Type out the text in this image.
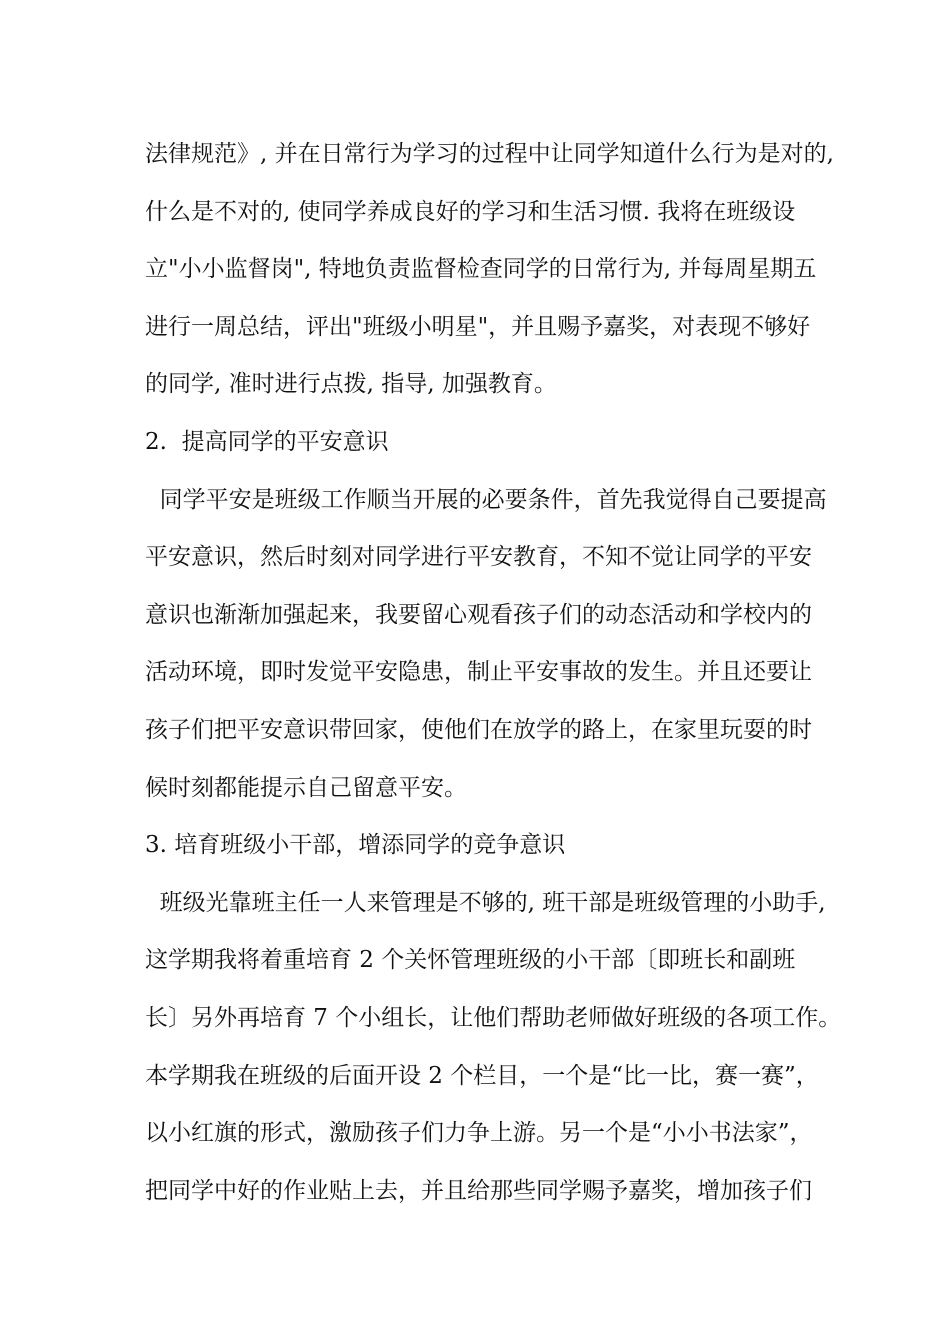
法律规范》, 并在日常行为学习的过程中让同学知道什么行为是对的,
什么是不对的, 使同学养成良好的学习和生活习惯. 我将在班级设
立"小小监督岗", 特地负责监督检查同学的日常行为, 并每周星期五
进行一周总结，评出"班级小明星"，并且赐予嘉奖，对表现不够好
的同学, 准时进行点拨, 指导, 加强教育。
2.  提高同学的平安意识
同学平安是班级工作顺当开展的必要条件，首先我觉得自己要提高
平安意识，然后时刻对同学进行平安教育，不知不觉让同学的平安
意识也渐渐加强起来，我要留心观看孩子们的动态活动和学校内的
活动环境，即时发觉平安隐患，制止平安事故的发生。并且还要让
孩子们把平安意识带回家，使他们在放学的路上，在家里玩耍的时
候时刻都能提示自己留意平安。
3. 培育班级小干部，增添同学的竞争意识
班级光靠班主任一人来管理是不够的, 班干部是班级管理的小助手,
这学期我将着重培育 2 个关怀管理班级的小干部〔即班长和副班
长〕另外再培育 7 个小组长，让他们帮助老师做好班级的各项工作。
本学期我在班级的后面开设 2 个栏目，一个是“比一比，赛一赛”，
以小红旗的形式，激励孩子们力争上游。另一个是“小小书法家”，
把同学中好的作业贴上去，并且给那些同学赐予嘉奖，增加孩子们
